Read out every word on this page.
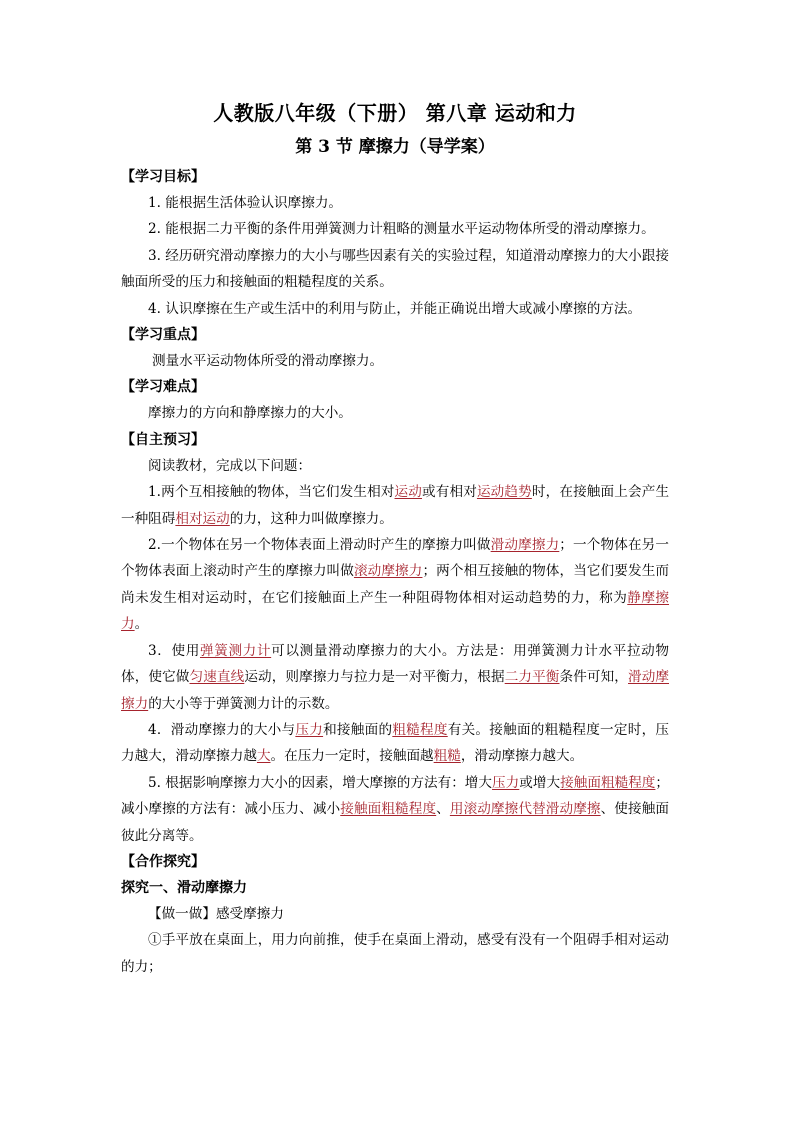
人教版八年级（下册） 第八章 运动和力
第 3 节 摩擦力（导学案）

【学习目标】

1. 能根据生活体验认识摩擦力。

2. 能根据二力平衡的条件用弹簧测力计粗略的测量水平运动物体所受的滑动摩擦力。

3. 经历研究滑动摩擦力的大小与哪些因素有关的实验过程，知道滑动摩擦力的大小跟接触面所受的压力和接触面的粗糙程度的关系。

4. 认识摩擦在生产或生活中的利用与防止，并能正确说出增大或减小摩擦的方法。

【学习重点】

测量水平运动物体所受的滑动摩擦力。

【学习难点】

摩擦力的方向和静摩擦力的大小。

【自主预习】

阅读教材，完成以下问题：

1.两个互相接触的物体，当它们发生相对运动或有相对运动趋势时，在接触面上会产生一种阻碍相对运动的力，这种力叫做摩擦力。

2.一个物体在另一个物体表面上滑动时产生的摩擦力叫做滑动摩擦力；一个物体在另一个物体表面上滚动时产生的摩擦力叫做滚动摩擦力；两个相互接触的物体，当它们要发生而尚未发生相对运动时，在它们接触面上产生一种阻碍物体相对运动趋势的力，称为静摩擦力。

3．使用弹簧测力计可以测量滑动摩擦力的大小。方法是：用弹簧测力计水平拉动物体，使它做匀速直线运动，则摩擦力与拉力是一对平衡力，根据二力平衡条件可知，滑动摩擦力的大小等于弹簧测力计的示数。

4．滑动摩擦力的大小与压力和接触面的粗糙程度有关。接触面的粗糙程度一定时，压力越大，滑动摩擦力越大。在压力一定时，接触面越粗糙，滑动摩擦力越大。

5. 根据影响摩擦力大小的因素，增大摩擦的方法有：增大压力或增大接触面粗糙程度；减小摩擦的方法有：减小压力、减小接触面粗糙程度、用滚动摩擦代替滑动摩擦、使接触面彼此分离等。

【合作探究】

探究一、滑动摩擦力

【做一做】感受摩擦力

①手平放在桌面上，用力向前推，使手在桌面上滑动，感受有没有一个阻碍手相对运动的力；
